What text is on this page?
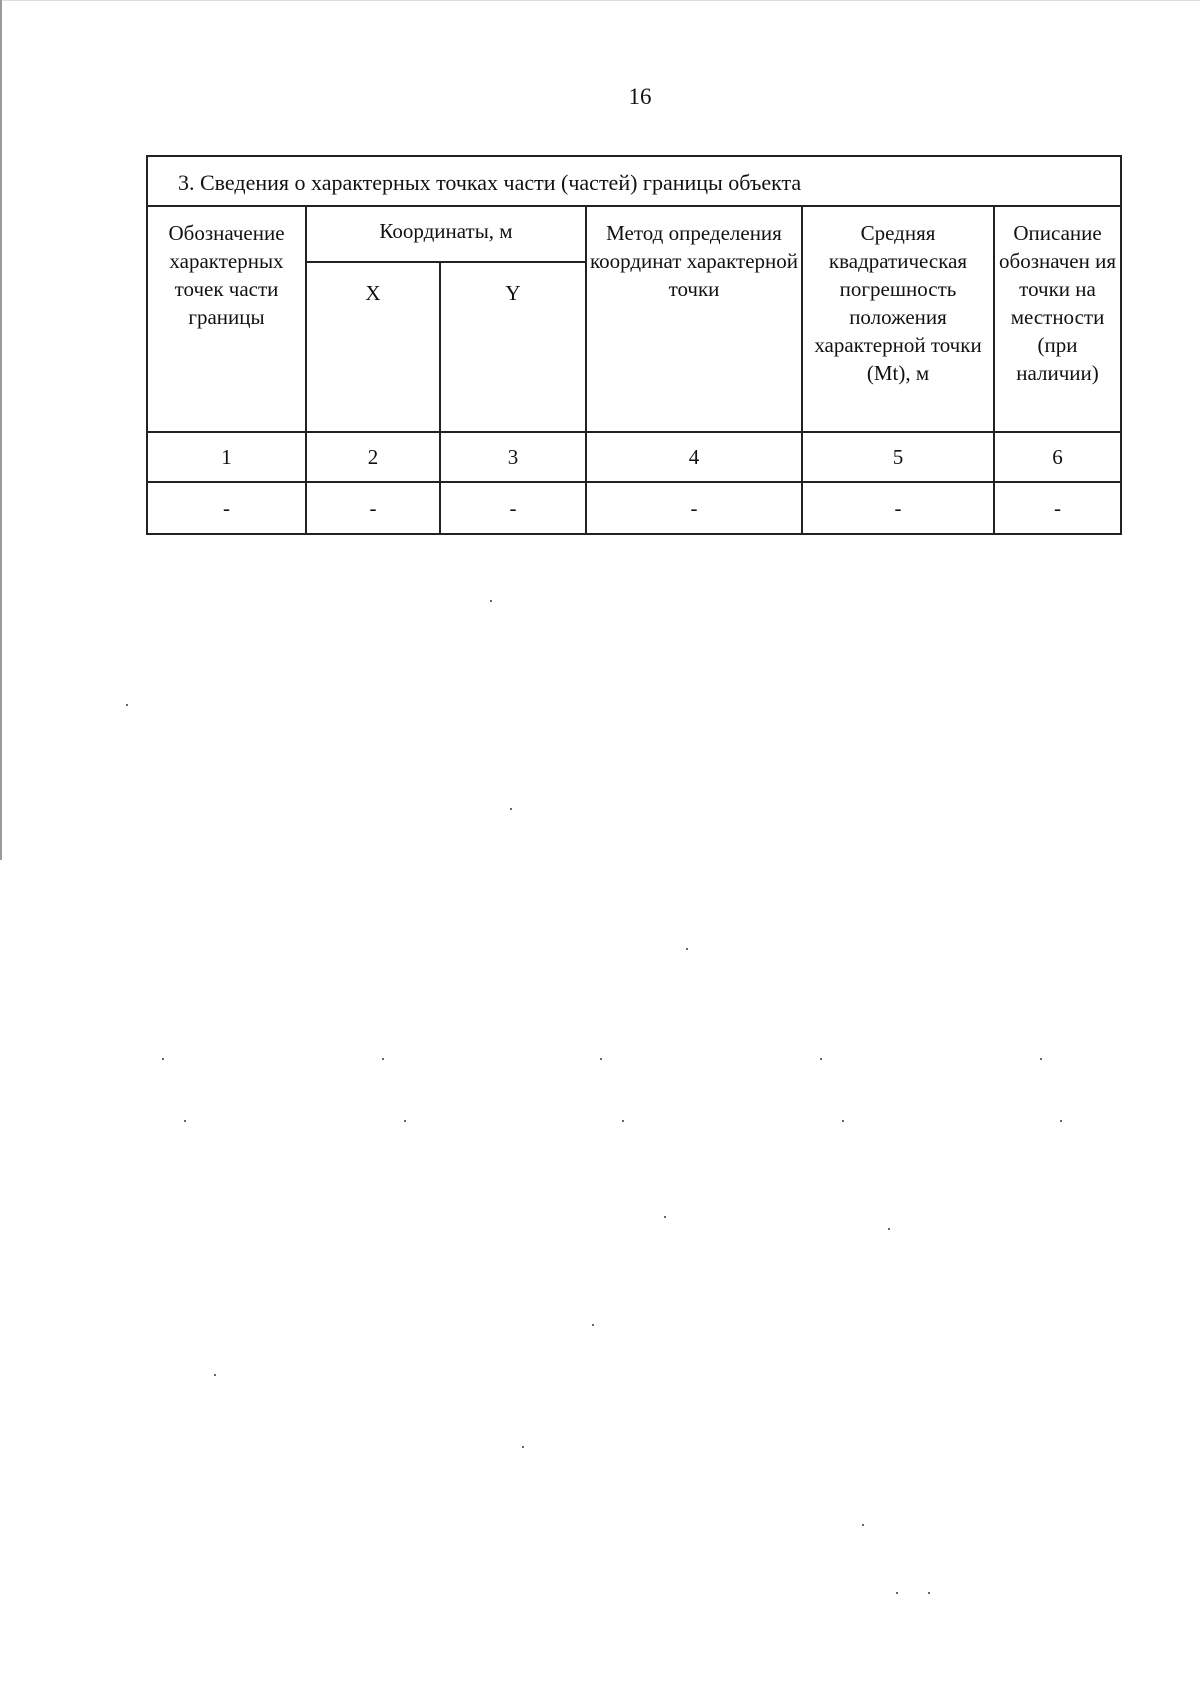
16
3. Сведения о характерных точках части (частей) границы объекта					
Обозначение характерных точек части границы	Координаты, м		Метод определения координат характерной точки	Средняя квадратическая погрешность положения характерной точки (Mt), м	Описание обозначен ия точки на местности (при наличии)
	X	Y			
1	2	3	4	5	6
-	-	-	-	-	-
